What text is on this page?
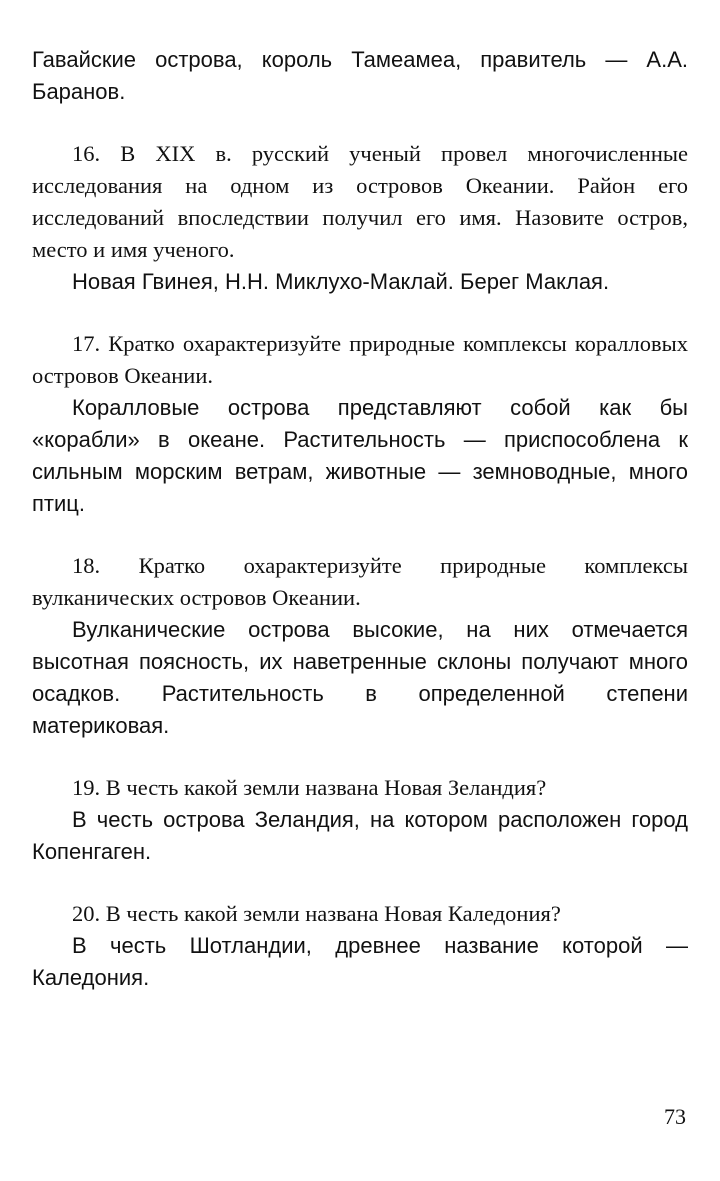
Гавайские острова, король Тамеамеа, правитель — А.А. Баранов.

16. В XIX в. русский ученый провел многочисленные исследования на одном из островов Океании. Район его исследований впоследствии получил его имя. Назовите остров, место и имя ученого.

Новая Гвинея, Н.Н. Миклухо-Маклай. Берег Маклая.

17. Кратко охарактеризуйте природные комплексы коралловых островов Океании.

Коралловые острова представляют собой как бы «корабли» в океане. Растительность — приспособлена к сильным морским ветрам, животные — земноводные, много птиц.

18. Кратко охарактеризуйте природные комплексы вулканических островов Океании.

Вулканические острова высокие, на них отмечается высотная поясность, их наветренные склоны получают много осадков. Растительность в определенной степени материковая.

19. В честь какой земли названа Новая Зеландия?

В честь острова Зеландия, на котором расположен город Копенгаген.

20. В честь какой земли названа Новая Каледония?

В честь Шотландии, древнее название которой — Каледония.

73
